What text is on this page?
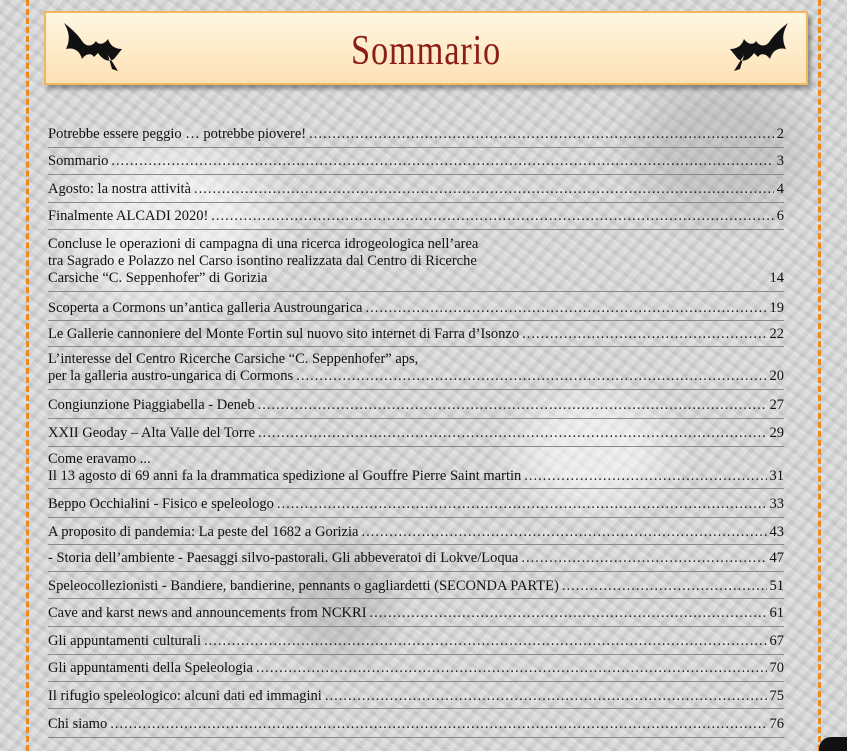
Sommario
Potrebbe essere peggio … potrebbe piovere! .....	2
Sommario .....	3
Agosto: la nostra attività .....	4
Finalmente ALCADI 2020! .....	6
Concluse le operazioni di campagna di una ricerca idrogeologica nell’area
tra Sagrado e Polazzo nel Carso isontino realizzata dal Centro di Ricerche
Carsiche “C. Seppenhofer” di Gorizia	14
Scoperta a Cormons un’antica galleria Austroungarica .....	19
Le Gallerie cannoniere del Monte Fortin sul nuovo sito internet di Farra d’Isonzo .....	22
L’interesse del Centro Ricerche Carsiche “C. Seppenhofer” aps,
per la galleria austro-ungarica di Cormons .....	20
Congiunzione Piaggiabella - Deneb .....	27
XXII Geoday – Alta Valle del Torre .....	29
Come eravamo ...
Il 13 agosto di 69 anni fa la drammatica spedizione al Gouffre Pierre Saint martin .....	31
Beppo Occhialini - Fisico e speleologo .....	33
A proposito di pandemia: La peste del 1682 a Gorizia .....	43
- Storia dell’ambiente - Paesaggi silvo-pastorali. Gli abbeveratoi di Lokve/Loqua .....	47
Speleocollezionisti - Bandiere, bandierine, pennants o gagliardetti (SECONDA PARTE) .....	51
Cave and karst news and announcements from NCKRI .....	61
Gli appuntamenti culturali .....	67
Gli appuntamenti della Speleologia .....	70
Il rifugio speleologico: alcuni dati ed immagini .....	75
Chi siamo .....	76
